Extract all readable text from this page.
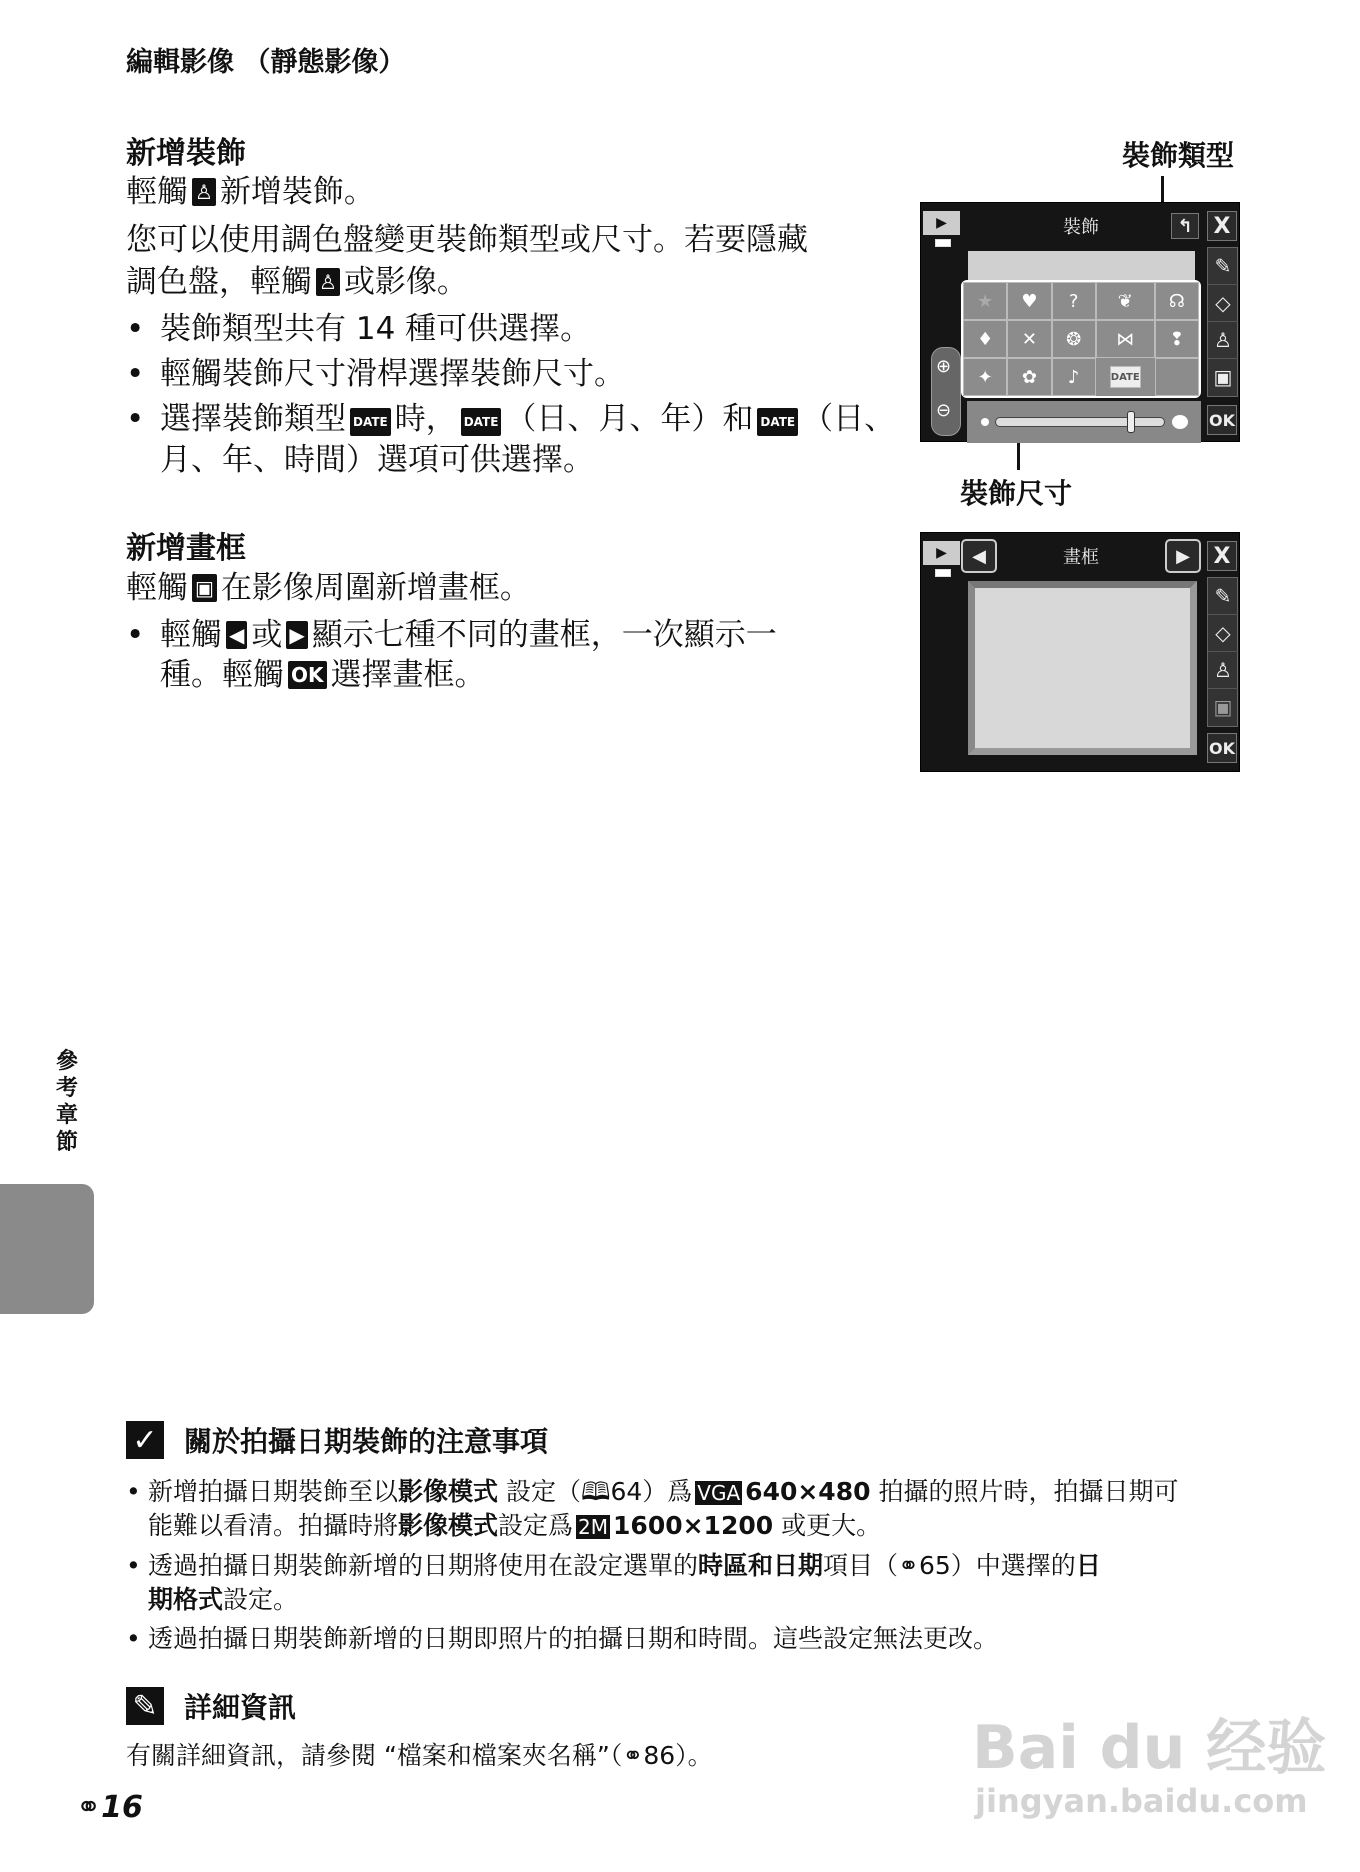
編輯影像 （靜態影像）
新增裝飾
輕觸 ♙ 新增裝飾。
您可以使用調色盤變更裝飾類型或尺寸。若要隱藏
調色盤，輕觸 ♙ 或影像。
• 裝飾類型共有 14 種可供選擇。
• 輕觸裝飾尺寸滑桿選擇裝飾尺寸。
• 選擇裝飾類型 DATE 時， DATE （日、月、年）和 DATE （日、
月、年、時間）選項可供選擇。
新增畫框
輕觸 ▣ 在影像周圍新增畫框。
• 輕觸 ◀ 或 ▶ 顯示七種不同的畫框，一次顯示一
種。輕觸 OK 選擇畫框。
裝飾類型
裝飾尺寸
▶	裝飾	↰ X
✎
◇
♙
▣
OK
★	♥	?	❦	☊
♦	✕	❂	⋈	❢
✦	✿	♪	DATE
⊕
⊖
▶	◀	畫框	▶	X
✎
◇
♙
▣
OK
參考章節
✓ 關於拍攝日期裝飾的注意事項
• 新增拍攝日期裝飾至以影像模式 設定（🕮64）爲 VGA 640×480 拍攝的照片時，拍攝日期可
能難以看清。拍攝時將影像模式設定爲 2M 1600×1200 或更大。
• 透過拍攝日期裝飾新增的日期將使用在設定選單的時區和日期項目（⚭65）中選擇的日
期格式設定。
• 透過拍攝日期裝飾新增的日期即照片的拍攝日期和時間。這些設定無法更改。
✎ 詳細資訊
有關詳細資訊，請參閱 “檔案和檔案夾名稱”（⚭86）。
⚭16
Bai du 经验
jingyan.baidu.com
